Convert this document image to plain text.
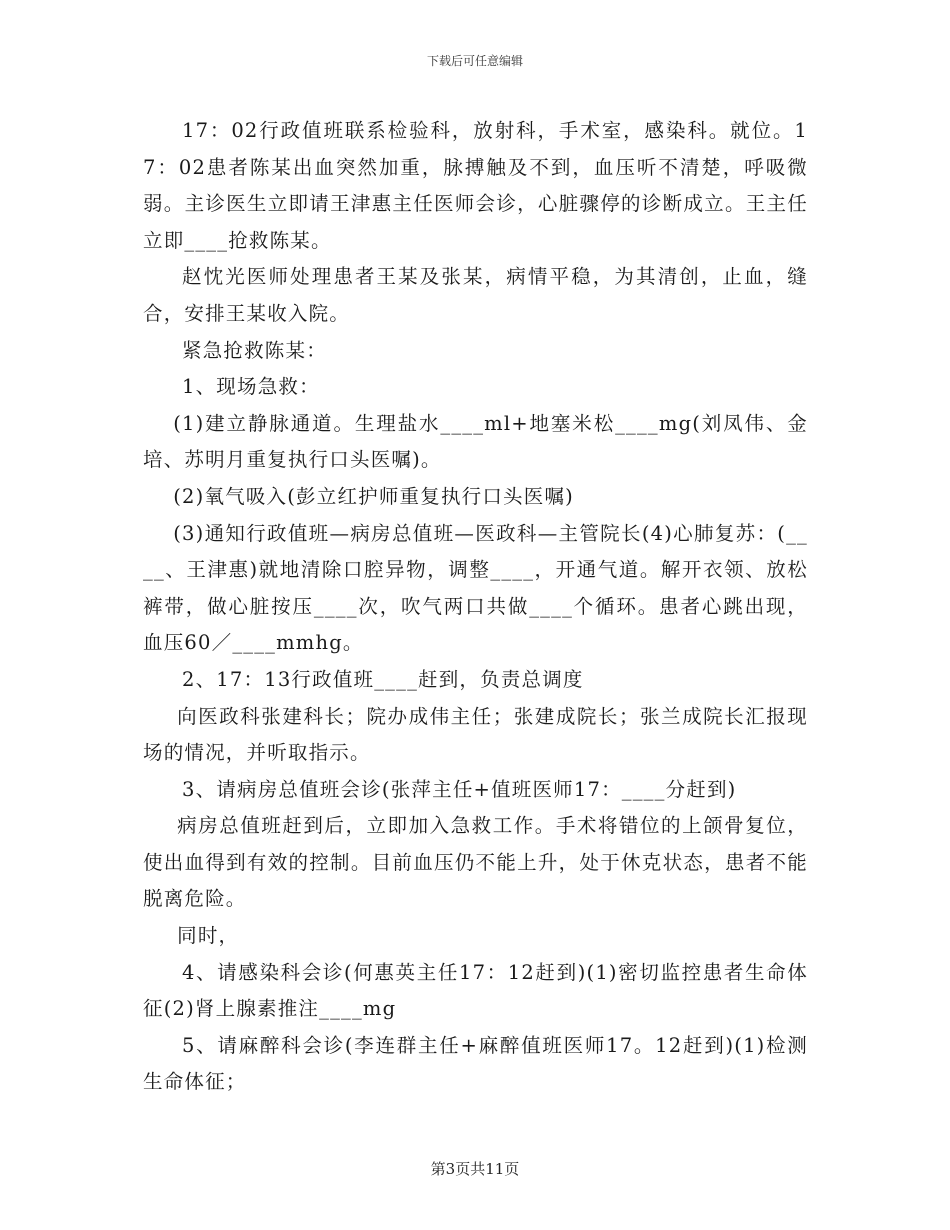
下载后可任意编辑

17：02行政值班联系检验科，放射科，手术室，感染科。就位。17：02患者陈某出血突然加重，脉搏触及不到，血压听不清楚，呼吸微弱。主诊医生立即请王津惠主任医师会诊，心脏骤停的诊断成立。王主任立即____抢救陈某。

赵忱光医师处理患者王某及张某，病情平稳，为其清创，止血，缝合，安排王某收入院。

紧急抢救陈某：

1、现场急救：

(1)建立静脉通道。生理盐水____ml+地塞米松____mg(刘凤伟、金培、苏明月重复执行口头医嘱)。

(2)氧气吸入(彭立红护师重复执行口头医嘱)

(3)通知行政值班—病房总值班—医政科—主管院长(4)心肺复苏：(____、王津惠)就地清除口腔异物，调整____，开通气道。解开衣领、放松裤带，做心脏按压____次，吹气两口共做____个循环。患者心跳出现，血压60／____mmhg。

2、17：13行政值班____赶到，负责总调度

向医政科张建科长；院办成伟主任；张建成院长；张兰成院长汇报现场的情况，并听取指示。

3、请病房总值班会诊(张萍主任+值班医师17：____分赶到)

病房总值班赶到后，立即加入急救工作。手术将错位的上颌骨复位，使出血得到有效的控制。目前血压仍不能上升，处于休克状态，患者不能脱离危险。

同时，

4、请感染科会诊(何惠英主任17：12赶到)(1)密切监控患者生命体征(2)肾上腺素推注____mg

5、请麻醉科会诊(李连群主任+麻醉值班医师17。12赶到)(1)检测生命体征；

第3页共11页
